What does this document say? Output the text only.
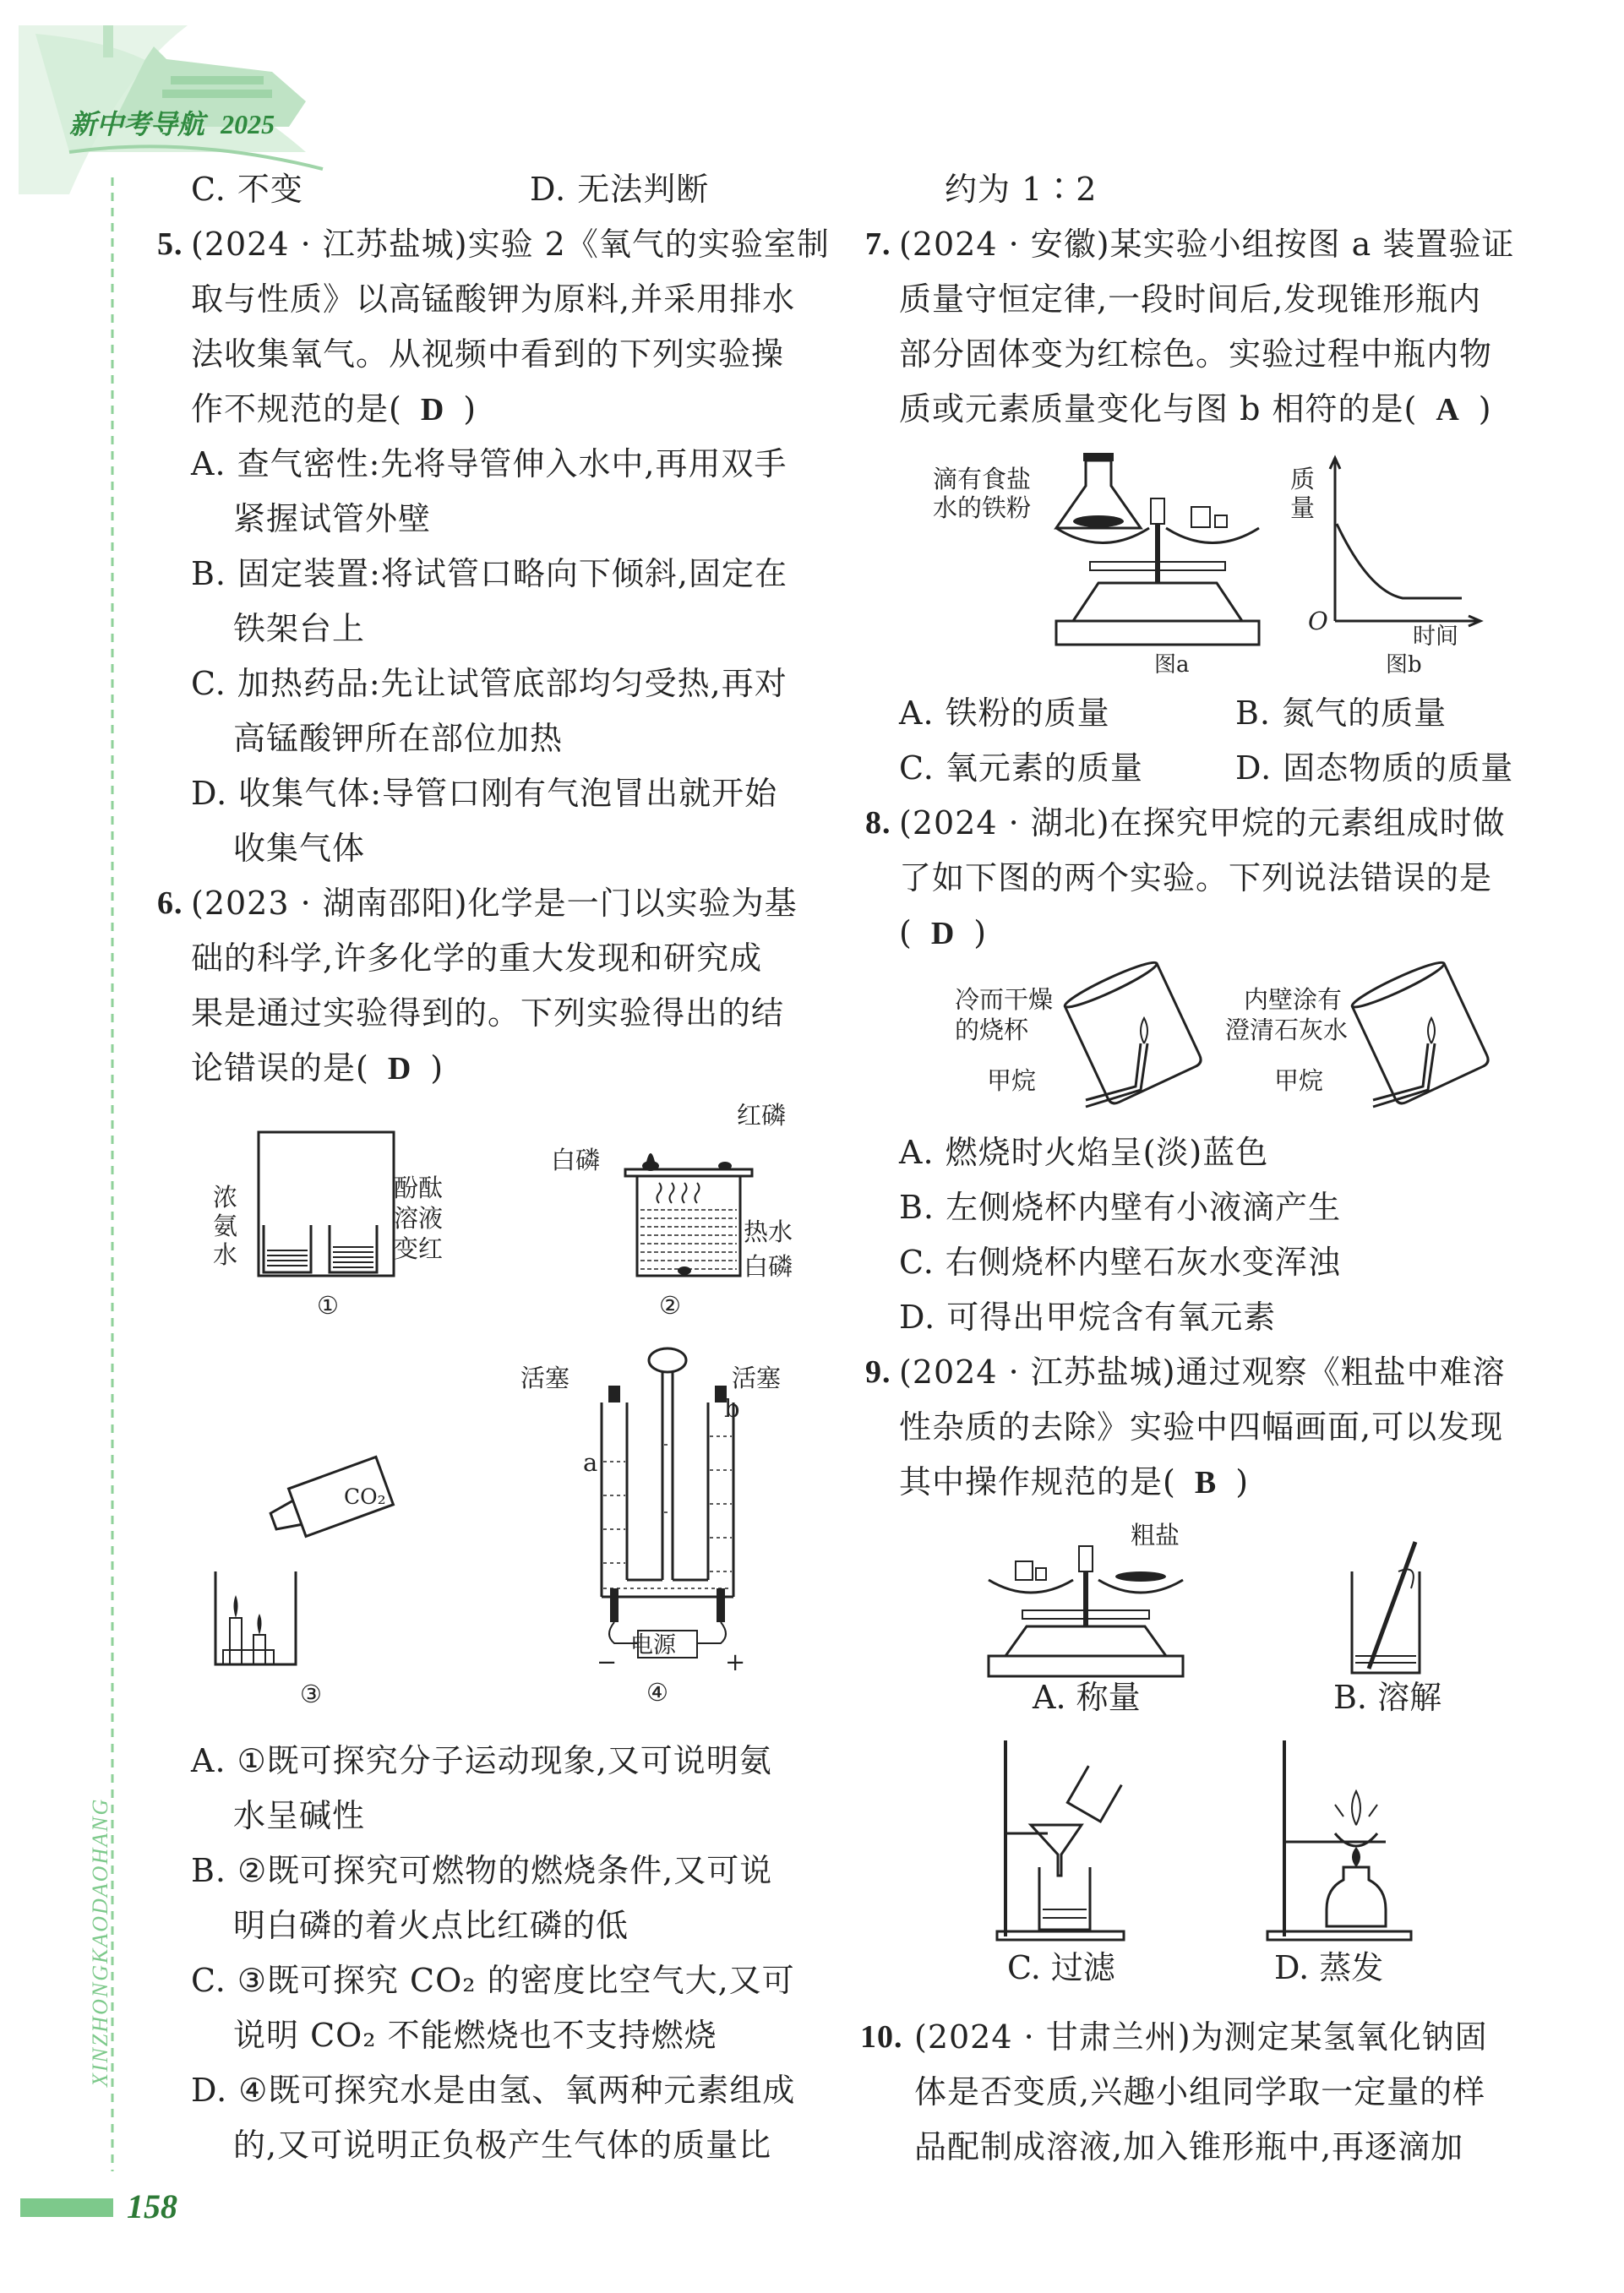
新中考导航 2025
XINZHONGKAODAOHANG
158
C. 不变	D. 无法判断
5. (2024 · 江苏盐城)实验 2《氧气的实验室制
取与性质》以高锰酸钾为原料,并采用排水
法收集氧气。从视频中看到的下列实验操
作不规范的是( D )
A. 查气密性:先将导管伸入水中,再用双手
紧握试管外壁
B. 固定装置:将试管口略向下倾斜,固定在
铁架台上
C. 加热药品:先让试管底部均匀受热,再对
高锰酸钾所在部位加热
D. 收集气体:导管口刚有气泡冒出就开始
收集气体
6. (2023 · 湖南邵阳)化学是一门以实验为基
础的科学,许多化学的重大发现和研究成
果是通过实验得到的。下列实验得出的结
论错误的是( D )
浓
氨
水
酚酞
溶液
变红
①
白磷
红磷
热水
白磷
②
CO₂
③
活塞	活塞
a
b
电源
−	+
④
A. ①既可探究分子运动现象,又可说明氨
水呈碱性
B. ②既可探究可燃物的燃烧条件,又可说
明白磷的着火点比红磷的低
C. ③既可探究 CO₂ 的密度比空气大,又可
说明 CO₂ 不能燃烧也不支持燃烧
D. ④既可探究水是由氢、氧两种元素组成
的,又可说明正负极产生气体的质量比
约为 1∶2
7. (2024 · 安徽)某实验小组按图 a 装置验证
质量守恒定律,一段时间后,发现锥形瓶内
部分固体变为红棕色。实验过程中瓶内物
质或元素质量变化与图 b 相符的是( A )
滴有食盐
水的铁粉
图a
质
量
O
时间
图b
A. 铁粉的质量	B. 氮气的质量
C. 氧元素的质量	D. 固态物质的质量
8. (2024 · 湖北)在探究甲烷的元素组成时做
了如下图的两个实验。下列说法错误的是
( D )
冷而干燥
的烧杯
甲烷
内壁涂有
澄清石灰水
甲烷
A. 燃烧时火焰呈(淡)蓝色
B. 左侧烧杯内壁有小液滴产生
C. 右侧烧杯内壁石灰水变浑浊
D. 可得出甲烷含有氧元素
9. (2024 · 江苏盐城)通过观察《粗盐中难溶
性杂质的去除》实验中四幅画面,可以发现
其中操作规范的是( B )
粗盐
A. 称量	B. 溶解
C. 过滤	D. 蒸发
10. (2024 · 甘肃兰州)为测定某氢氧化钠固
体是否变质,兴趣小组同学取一定量的样
品配制成溶液,加入锥形瓶中,再逐滴加
